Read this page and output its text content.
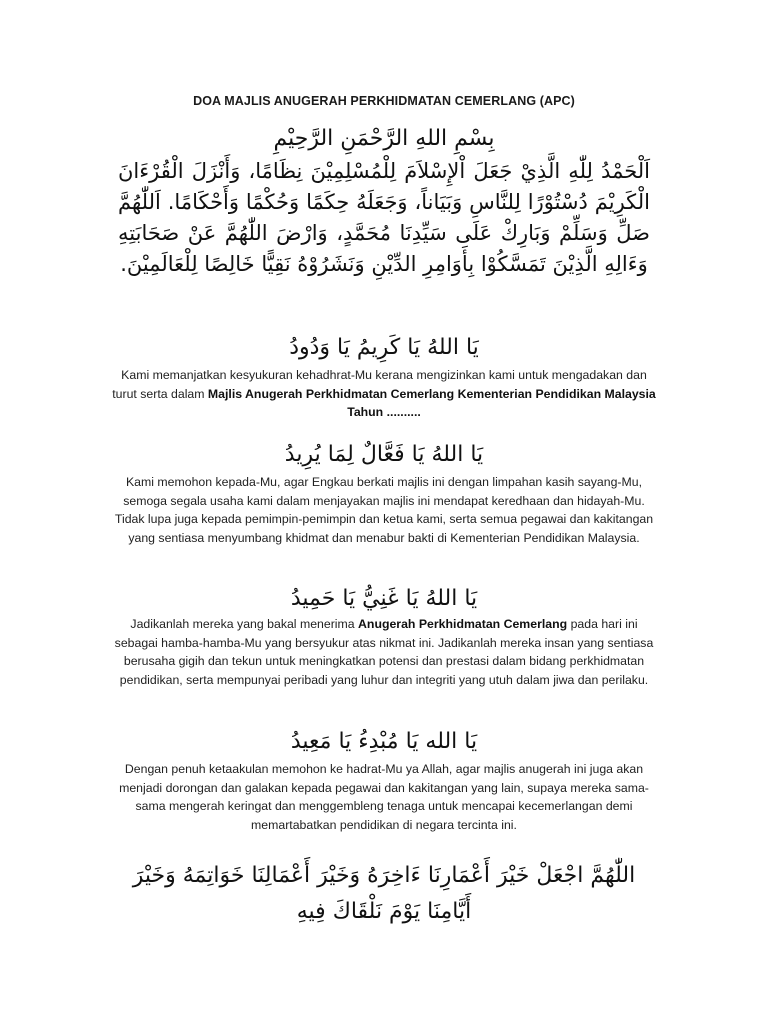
DOA MAJLIS ANUGERAH PERKHIDMATAN CEMERLANG (APC)
بِسْمِ اللهِ الرَّحْمَنِ الرَّحِيْمِ
اَلْحَمْدُ لِلّٰهِ الَّذِيْ جَعَلَ اْلإِسْلاَمَ لِلْمُسْلِمِيْنَ نِظَامًا، وَأَنْزَلَ الْقُرْءَانَ الْكَرِيْمَ دُسْتُوْرًا لِلنَّاسِ وَبَيَاناً، وَجَعَلَهُ حِكَمًا وَحُكْمًا وَأَحْكَامًا. اَللّٰهُمَّ صَلِّ وَسَلِّمْ وَبَارِكْ عَلَى سَيِّدِنَا مُحَمَّدٍ، وَارْضَ اللّٰهُمَّ عَنْ صَحَابَتِهِ وَءَالِهِ الَّذِيْنَ تَمَسَّكُوْا بِأَوَامِرِ الدِّيْنِ وَنَشَرُوْهُ نَقِيًّا خَالِصًا لِلْعَالَمِيْنَ.
يَا اللهُ يَا كَرِيمُ يَا وَدُودُ
Kami memanjatkan kesyukuran kehadhrat-Mu kerana mengizinkan kami untuk mengadakan dan turut serta dalam Majlis Anugerah Perkhidmatan Cemerlang Kementerian Pendidikan Malaysia Tahun ..........
يَا اللهُ يَا فَعَّالٌ لِمَا يُرِيدُ
Kami memohon kepada-Mu, agar Engkau berkati majlis ini dengan limpahan kasih sayang-Mu, semoga segala usaha kami dalam menjayakan majlis ini mendapat keredhaan dan hidayah-Mu. Tidak lupa juga kepada pemimpin-pemimpin dan ketua kami, serta semua pegawai dan kakitangan yang sentiasa menyumbang khidmat dan menabur bakti di Kementerian Pendidikan Malaysia.
يَا اللهُ يَا غَنِيُّ يَا حَمِيدُ
Jadikanlah mereka yang bakal menerima Anugerah Perkhidmatan Cemerlang pada hari ini sebagai hamba-hamba-Mu yang bersyukur atas nikmat ini. Jadikanlah mereka insan yang sentiasa berusaha gigih dan tekun untuk meningkatkan potensi dan prestasi dalam bidang perkhidmatan pendidikan, serta mempunyai peribadi yang luhur dan integriti yang utuh dalam jiwa dan perilaku.
يَا الله يَا مُبْدِءُ يَا مَعِيدُ
Dengan penuh ketaakulan memohon ke hadrat-Mu ya Allah, agar majlis anugerah ini juga akan menjadi dorongan dan galakan kepada pegawai dan kakitangan yang lain, supaya mereka sama-sama mengerah keringat dan menggembleng tenaga untuk mencapai kecemerlangan demi memartabatkan pendidikan di negara tercinta ini.
اللّٰهُمَّ اجْعَلْ خَيْرَ أَعْمَارِنَا ءَاخِرَهُ وَخَيْرَ أَعْمَالِنَا خَوَاتِمَهُ وَخَيْرَ أَيَّامِنَا يَوْمَ نَلْقَاكَ فِيهِ
